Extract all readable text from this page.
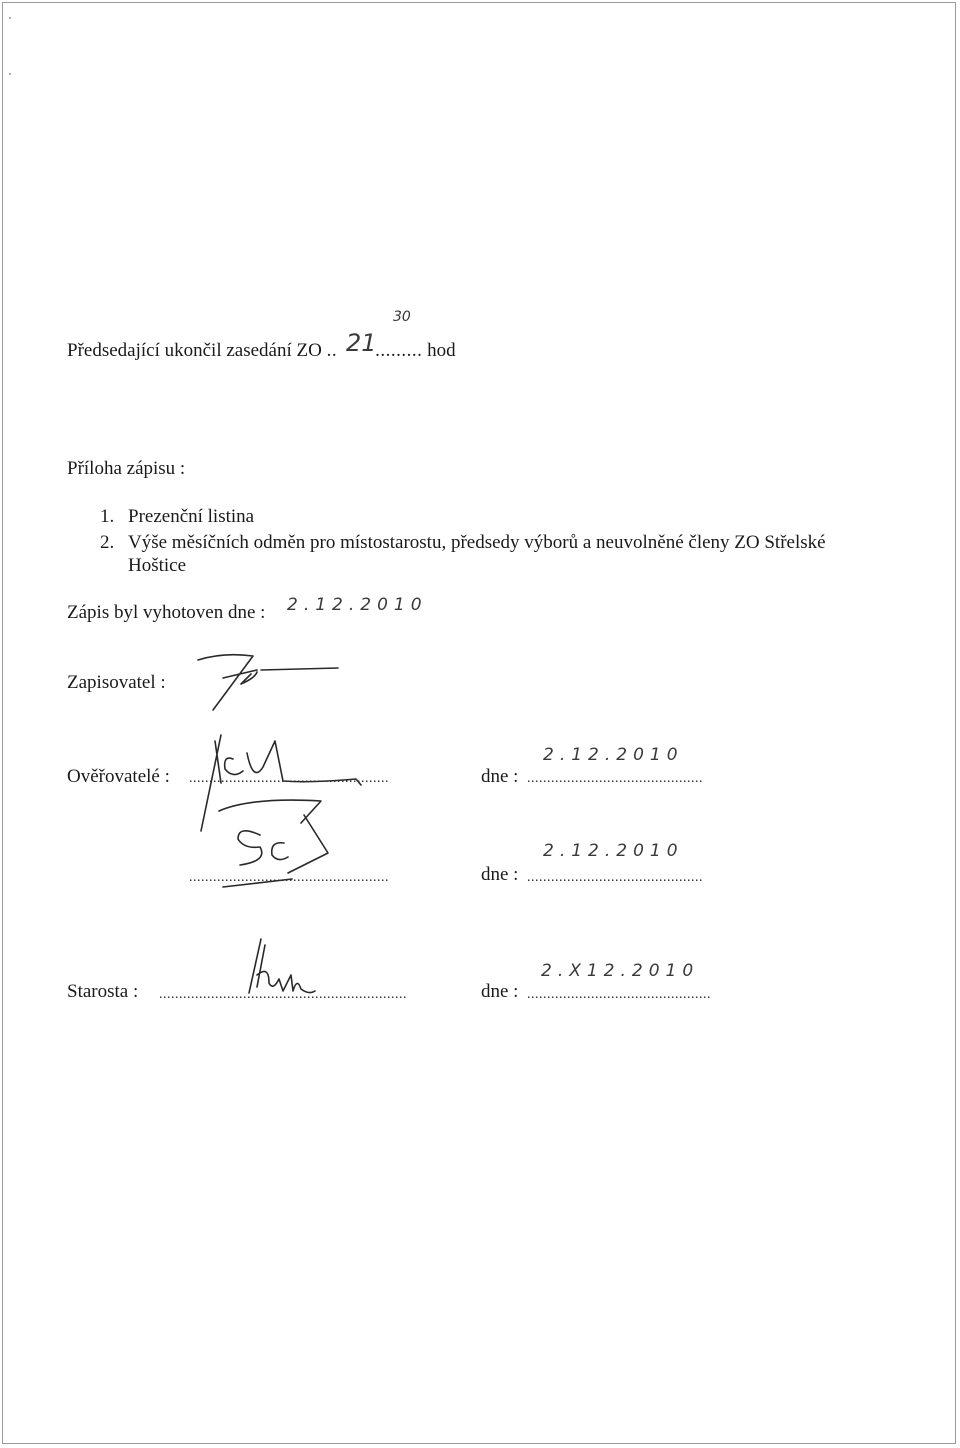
Předsedající ukončil zasedání ZO .. ......... hod
21
30
Příloha zápisu :
1. Prezenční listina
2. Výše měsíčních odměn pro místostarostu, předsedy výborů a neuvolněné členy ZO Střelské
Hoštice
Zápis byl vyhotoven dne : 2.12.2010
Zapisovatel :
Ověřovatelé : ..................................................	dne : ............................................
2.12.2010
..................................................	dne : ............................................
2.12.2010
Starosta : ..............................................................	dne : ..............................................
2.X12.2010
